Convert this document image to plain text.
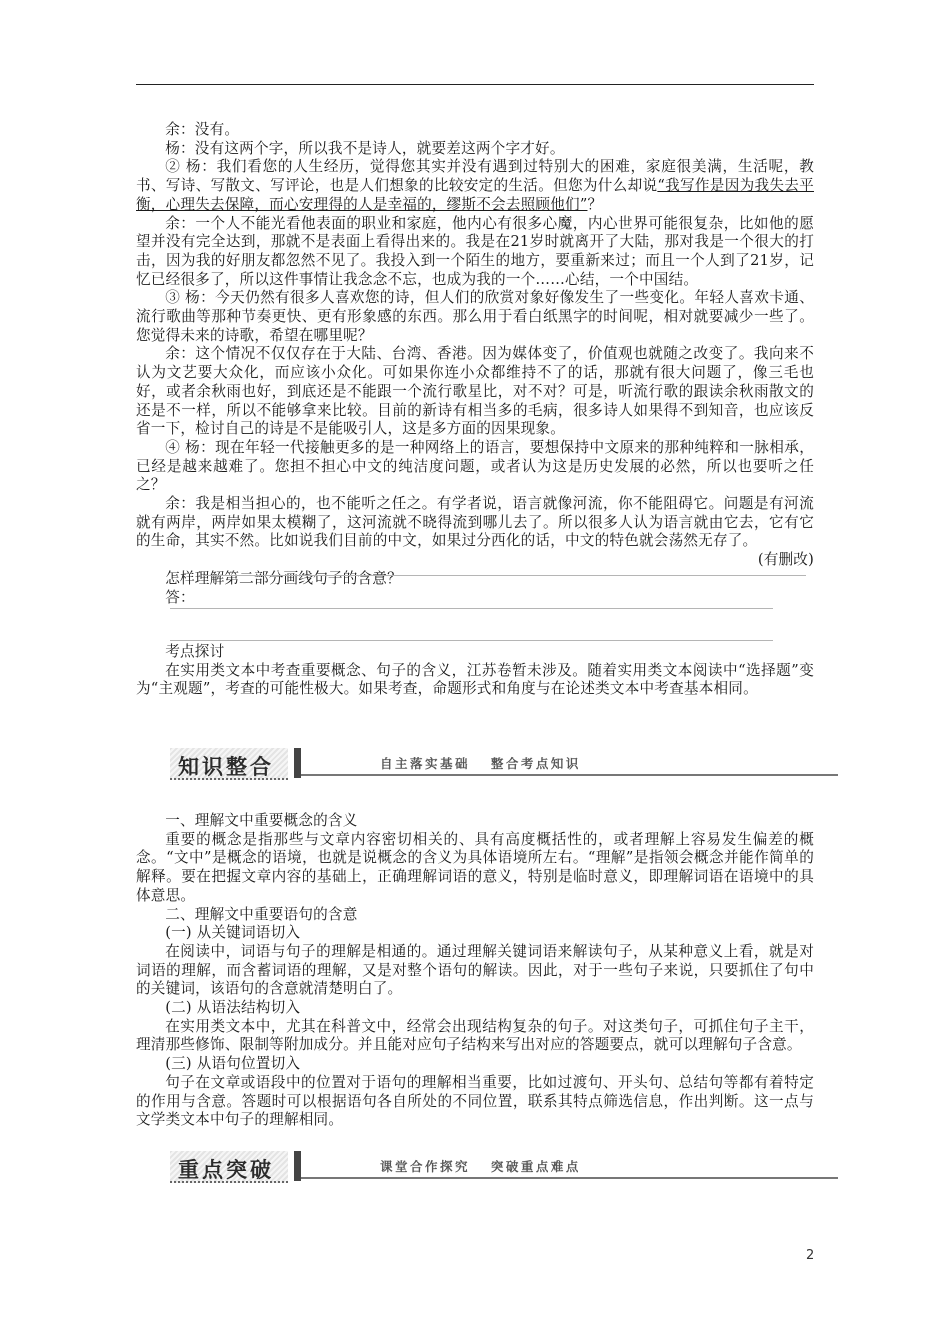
余：没有。

杨：没有这两个字，所以我不是诗人，就要差这两个字才好。

② 杨：我们看您的人生经历，觉得您其实并没有遇到过特别大的困难，家庭很美满，生活呢，教书、写诗、写散文、写评论，也是人们想象的比较安定的生活。但您为什么却说“我写作是因为我失去平衡，心理失去保障，而心安理得的人是幸福的，缪斯不会去照顾他们”？

余：一个人不能光看他表面的职业和家庭，他内心有很多心魔，内心世界可能很复杂，比如他的愿望并没有完全达到，那就不是表面上看得出来的。我是在21岁时就离开了大陆，那对我是一个很大的打击，因为我的好朋友都忽然不见了。我投入到一个陌生的地方，要重新来过；而且一个人到了21岁，记忆已经很多了，所以这件事情让我念念不忘，也成为我的一个……心结，一个中国结。

③ 杨：今天仍然有很多人喜欢您的诗，但人们的欣赏对象好像发生了一些变化。年轻人喜欢卡通、流行歌曲等那种节奏更快、更有形象感的东西。那么用于看白纸黑字的时间呢，相对就要减少一些了。您觉得未来的诗歌，希望在哪里呢？

余：这个情况不仅仅存在于大陆、台湾、香港。因为媒体变了，价值观也就随之改变了。我向来不认为文艺要大众化，而应该小众化。可如果你连小众都维持不了的话，那就有很大问题了，像三毛也好，或者余秋雨也好，到底还是不能跟一个流行歌星比，对不对？可是，听流行歌的跟读余秋雨散文的还是不一样，所以不能够拿来比较。目前的新诗有相当多的毛病，很多诗人如果得不到知音，也应该反省一下，检讨自己的诗是不是能吸引人，这是多方面的因果现象。

④ 杨：现在年轻一代接触更多的是一种网络上的语言，要想保持中文原来的那种纯粹和一脉相承，已经是越来越难了。您担不担心中文的纯洁度问题，或者认为这是历史发展的必然，所以也要听之任之？

余：我是相当担心的，也不能听之任之。有学者说，语言就像河流，你不能阻碍它。问题是有河流就有两岸，两岸如果太模糊了，这河流就不晓得流到哪儿去了。所以很多人认为语言就由它去，它有它的生命，其实不然。比如说我们目前的中文，如果过分西化的话，中文的特色就会荡然无存了。
(有删改)

怎样理解第二部分画线句子的含意？

答：

考点探讨

在实用类文本中考查重要概念、句子的含义，江苏卷暂未涉及。随着实用类文本阅读中“选择题”变为“主观题”，考查的可能性极大。如果考查，命题形式和角度与在论述类文本中考查基本相同。

知识整合	自主落实基础 整合考点知识

一、理解文中重要概念的含义

重要的概念是指那些与文章内容密切相关的、具有高度概括性的，或者理解上容易发生偏差的概念。“文中”是概念的语境，也就是说概念的含义为具体语境所左右。“理解”是指领会概念并能作简单的解释。要在把握文章内容的基础上，正确理解词语的意义，特别是临时意义，即理解词语在语境中的具体意思。

二、理解文中重要语句的含意

(一) 从关键词语切入

在阅读中，词语与句子的理解是相通的。通过理解关键词语来解读句子，从某种意义上看，就是对词语的理解，而含蓄词语的理解，又是对整个语句的解读。因此，对于一些句子来说，只要抓住了句中的关键词，该语句的含意就清楚明白了。

(二) 从语法结构切入

在实用类文本中，尤其在科普文中，经常会出现结构复杂的句子。对这类句子，可抓住句子主干，理清那些修饰、限制等附加成分。并且能对应句子结构来写出对应的答题要点，就可以理解句子含意。

(三) 从语句位置切入

句子在文章或语段中的位置对于语句的理解相当重要，比如过渡句、开头句、总结句等都有着特定的作用与含意。答题时可以根据语句各自所处的不同位置，联系其特点筛选信息，作出判断。这一点与文学类文本中句子的理解相同。

重点突破	课堂合作探究 突破重点难点
2
